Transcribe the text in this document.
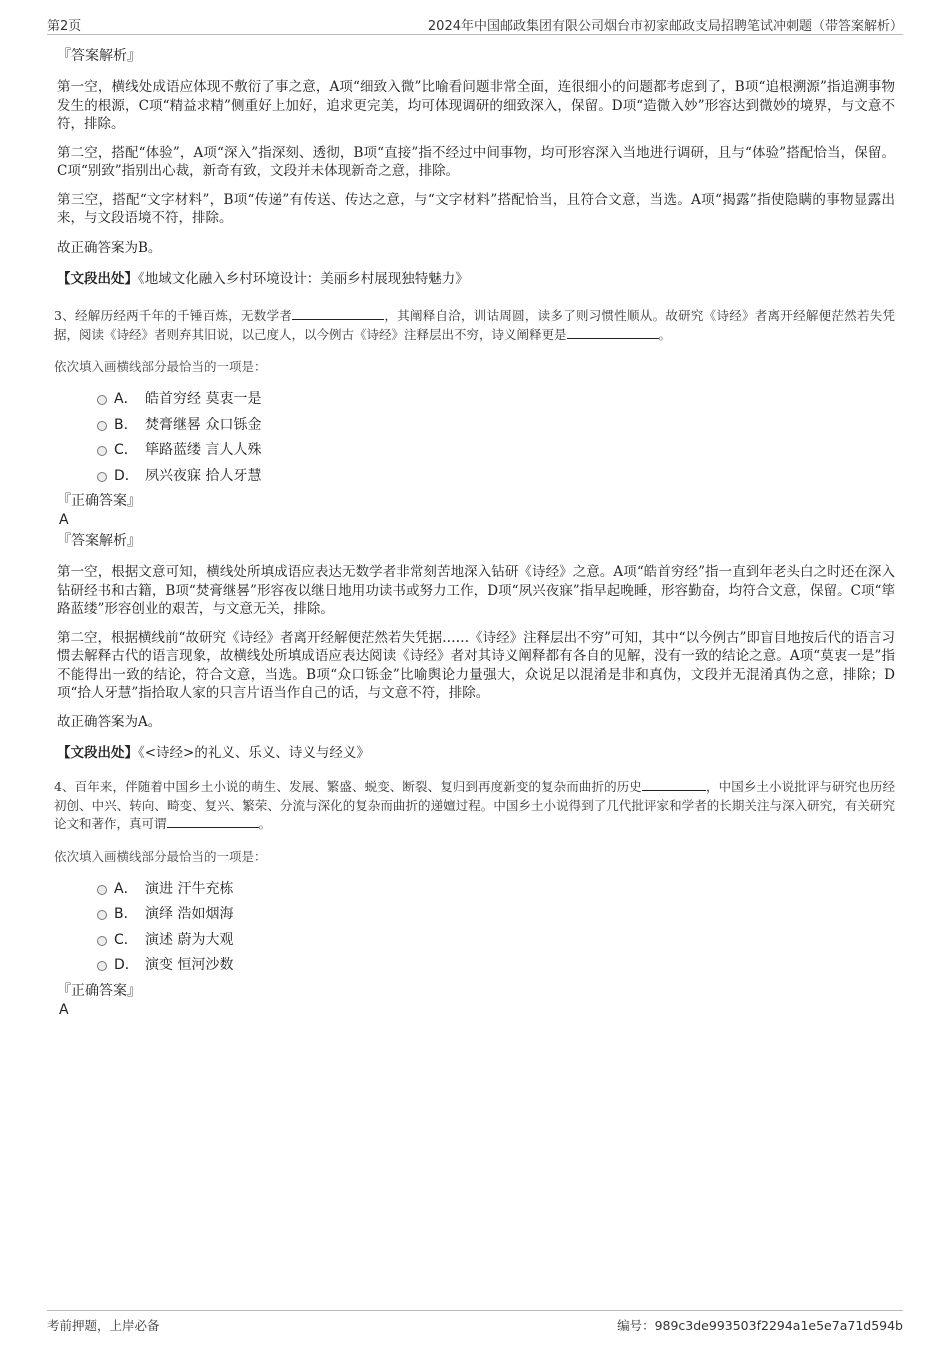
第2页	2024年中国邮政集团有限公司烟台市初家邮政支局招聘笔试冲刺题（带答案解析）

『答案解析』

第一空，横线处成语应体现不敷衍了事之意，A项“细致入微”比喻看问题非常全面，连很细小的问题都考虑到了，B项“追根溯源”指追溯事物发生的根源，C项“精益求精”侧重好上加好，追求更完美，均可体现调研的细致深入，保留。D项“造微入妙”形容达到微妙的境界，与文意不符，排除。

第二空，搭配“体验”，A项“深入”指深刻、透彻，B项“直接”指不经过中间事物，均可形容深入当地进行调研，且与“体验”搭配恰当，保留。C项“别致”指别出心裁，新奇有致，文段并未体现新奇之意，排除。

第三空，搭配“文字材料”，B项“传递”有传送、传达之意，与“文字材料”搭配恰当，且符合文意，当选。A项“揭露”指使隐瞒的事物显露出来，与文段语境不符，排除。

故正确答案为B。

【文段出处】《地域文化融入乡村环境设计：美丽乡村展现独特魅力》

3、经解历经两千年的千锤百炼，无数学者	，其阐释自洽，训诂周圆，读多了则习惯性顺从。故研究《诗经》者离开经解便茫然若失凭据，阅读《诗经》者则弃其旧说，以己度人，以今例古《诗经》注释层出不穷，诗义阐释更是	。

依次填入画横线部分最恰当的一项是：

A． 皓首穷经 莫衷一是
B． 焚膏继晷 众口铄金
C． 筚路蓝缕 言人人殊
D． 夙兴夜寐 拾人牙慧

『正确答案』

A

『答案解析』

第一空，根据文意可知，横线处所填成语应表达无数学者非常刻苦地深入钻研《诗经》之意。A项“皓首穷经”指一直到年老头白之时还在深入钻研经书和古籍，B项“焚膏继晷”形容夜以继日地用功读书或努力工作，D项“夙兴夜寐”指早起晚睡，形容勤奋，均符合文意，保留。C项“筚路蓝缕”形容创业的艰苦，与文意无关，排除。

第二空，根据横线前“故研究《诗经》者离开经解便茫然若失凭据……《诗经》注释层出不穷”可知，其中“以今例古”即盲目地按后代的语言习惯去解释古代的语言现象，故横线处所填成语应表达阅读《诗经》者对其诗义阐释都有各自的见解，没有一致的结论之意。A项“莫衷一是”指不能得出一致的结论，符合文意，当选。B项“众口铄金”比喻舆论力量强大，众说足以混淆是非和真伪，文段并无混淆真伪之意，排除；D项“拾人牙慧”指拾取人家的只言片语当作自己的话，与文意不符，排除。

故正确答案为A。

【文段出处】《<诗经>的礼义、乐义、诗义与经义》

4、百年来，伴随着中国乡土小说的萌生、发展、繁盛、蜕变、断裂、复归到再度新变的复杂而曲折的历史	，中国乡土小说批评与研究也历经初创、中兴、转向、畸变、复兴、繁荣、分流与深化的复杂而曲折的递嬗过程。中国乡土小说得到了几代批评家和学者的长期关注与深入研究，有关研究论文和著作，真可谓	。

依次填入画横线部分最恰当的一项是：

A． 演进 汗牛充栋
B． 演绎 浩如烟海
C． 演述 蔚为大观
D． 演变 恒河沙数

『正确答案』

A

考前押题，上岸必备	编号：989c3de993503f2294a1e5e7a71d594b
